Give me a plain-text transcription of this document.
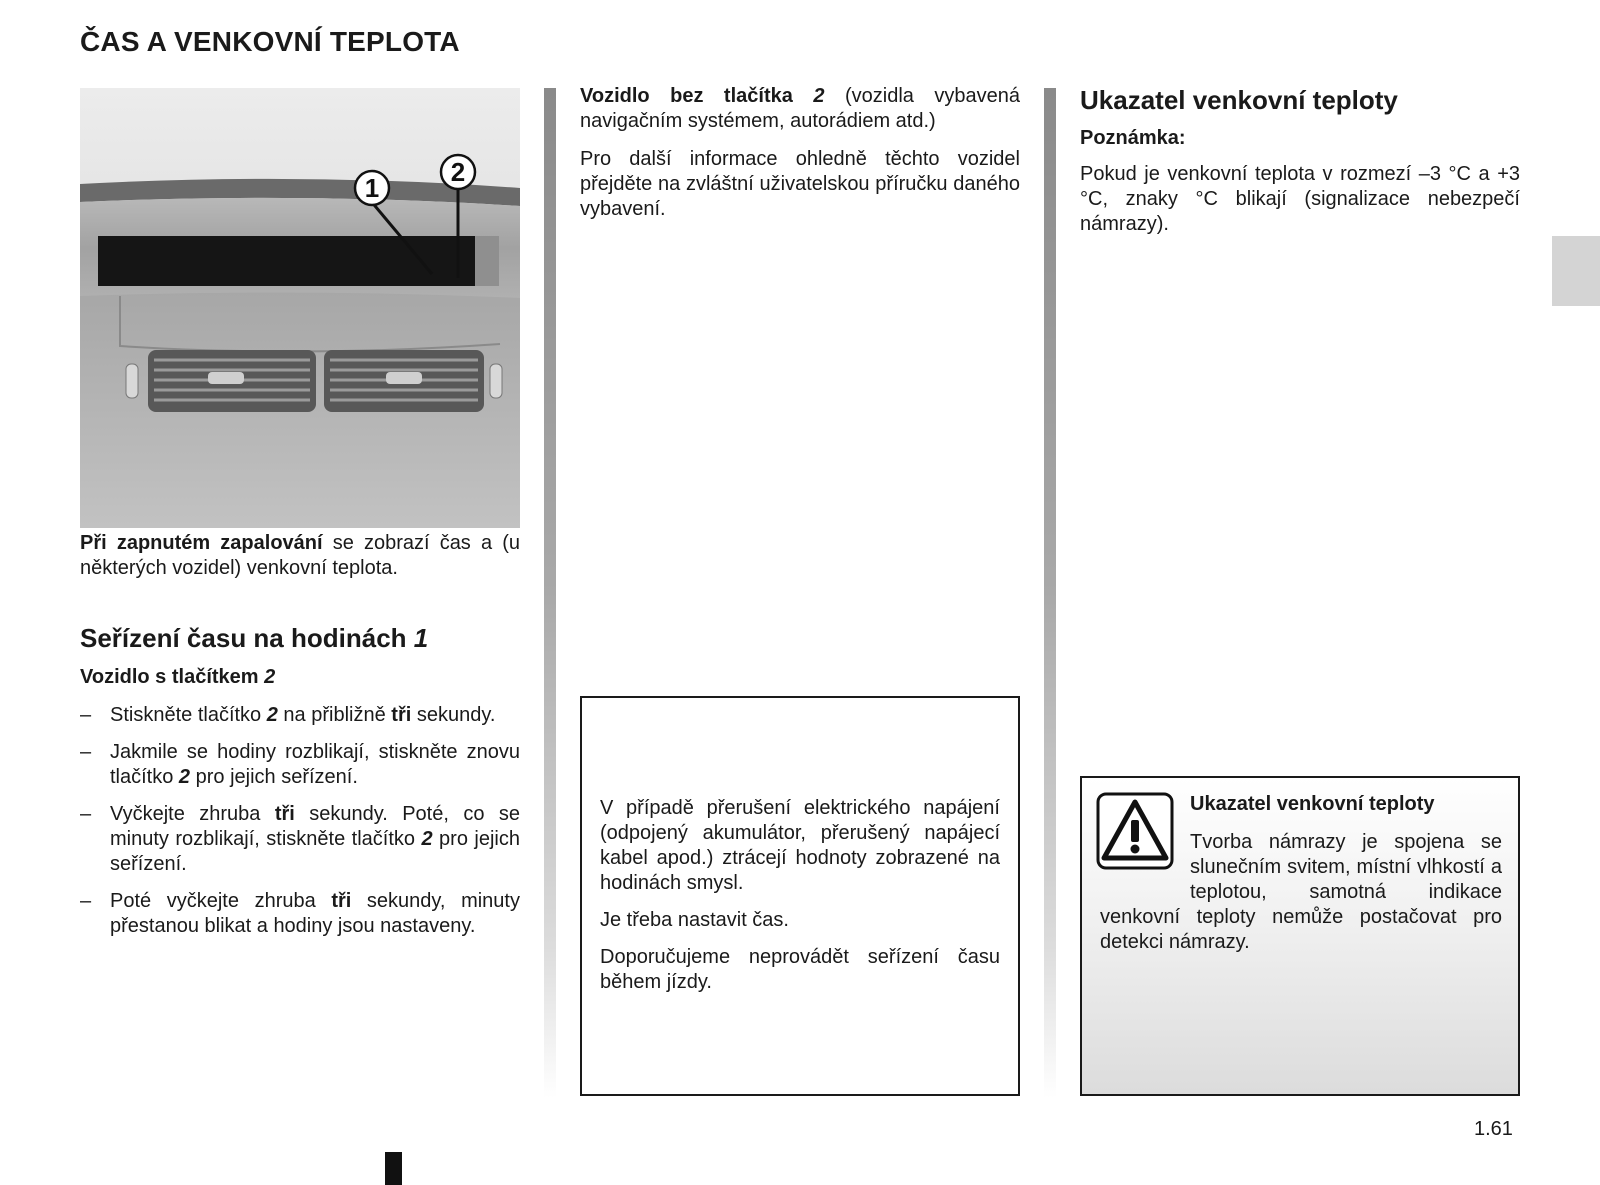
ČAS A VENKOVNÍ TEPLOTA
1
2

Při zapnutém zapalování se zobrazí čas a (u některých vozidel) venkovní teplota.

Seřízení času na hodinách 1
Vozidlo s tlačítkem 2
– Stiskněte tlačítko 2 na přibližně tři sekundy.
– Jakmile se hodiny rozblikají, stiskněte znovu tlačítko 2 pro jejich seřízení.
– Vyčkejte zhruba tři sekundy. Poté, co se minuty rozblikají, stiskněte tlačítko 2 pro jejich seřízení.
– Poté vyčkejte zhruba tři sekundy, minuty přestanou blikat a hodiny jsou nastaveny.

Vozidlo bez tlačítka 2 (vozidla vybavená navigačním systémem, autorádiem atd.)

Pro další informace ohledně těchto vozidel přejděte na zvláštní uživatelskou příručku daného vybavení.

V případě přerušení elektrického napájení (odpojený akumulátor, přerušený napájecí kabel apod.) ztrácejí hodnoty zobrazené na hodinách smysl.

Je třeba nastavit čas.

Doporučujeme neprovádět seřízení času během jízdy.

Ukazatel venkovní teploty
Poznámka:

Pokud je venkovní teplota v rozmezí –3 °C a +3 °C, znaky °C blikají (signalizace nebezpečí námrazy).

Ukazatel venkovní teploty
Tvorba námrazy je spojena se slunečním svitem, místní vlhkostí a teplotou, samotná indikace venkovní teploty nemůže postačovat pro detekci námrazy.
1.61
